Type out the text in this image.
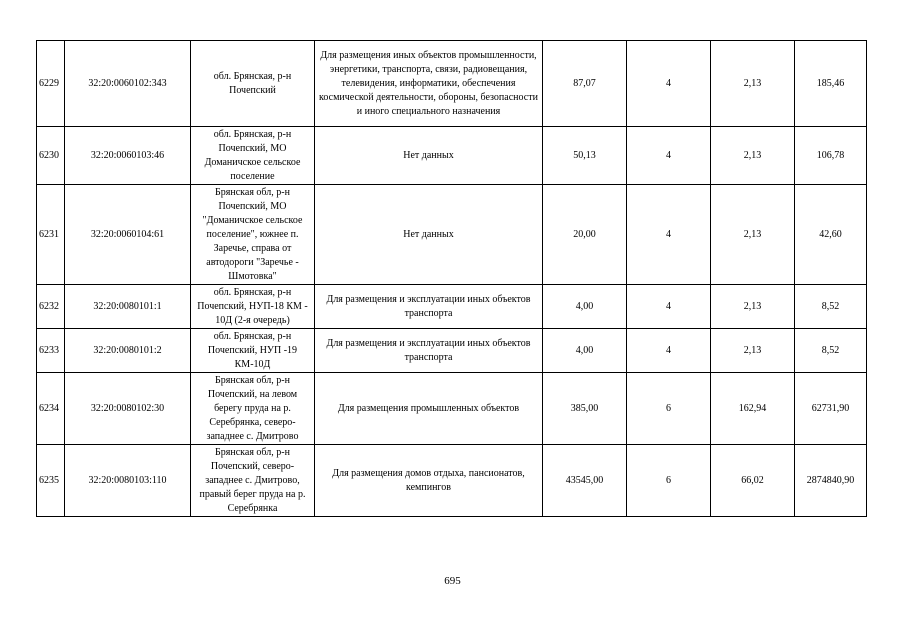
6229	32:20:0060102:343	обл. Брянская, р-н Почепский	Для размещения иных объектов промышленности, энергетики, транспорта, связи, радиовещания, телевидения, информатики, обеспечения космической деятельности, обороны, безопасности и иного специального назначения	87,07	4	2,13	185,46
6230	32:20:0060103:46	обл. Брянская, р-н Почепский, МО Доманичское сельское поселение	Нет данных	50,13	4	2,13	106,78
6231	32:20:0060104:61	Брянская обл, р-н Почепский, МО "Доманичское сельское поселение", южнее п. Заречье, справа от автодороги "Заречье - Шмотовка"	Нет данных	20,00	4	2,13	42,60
6232	32:20:0080101:1	обл. Брянская, р-н Почепский, НУП-18 КМ - 10Д (2-я очередь)	Для размещения и эксплуатации иных объектов транспорта	4,00	4	2,13	8,52
6233	32:20:0080101:2	обл. Брянская, р-н Почепский, НУП -19 КМ-10Д	Для размещения и эксплуатации иных объектов транспорта	4,00	4	2,13	8,52
6234	32:20:0080102:30	Брянская обл, р-н Почепский, на левом берегу пруда на р. Серебрянка, северо-западнее с. Дмитрово	Для размещения промышленных объектов	385,00	6	162,94	62731,90
6235	32:20:0080103:110	Брянская обл, р-н Почепский, северо-западнее с. Дмитрово, правый берег пруда на р. Серебрянка	Для размещения домов отдыха, пансионатов, кемпингов	43545,00	6	66,02	2874840,90
695
